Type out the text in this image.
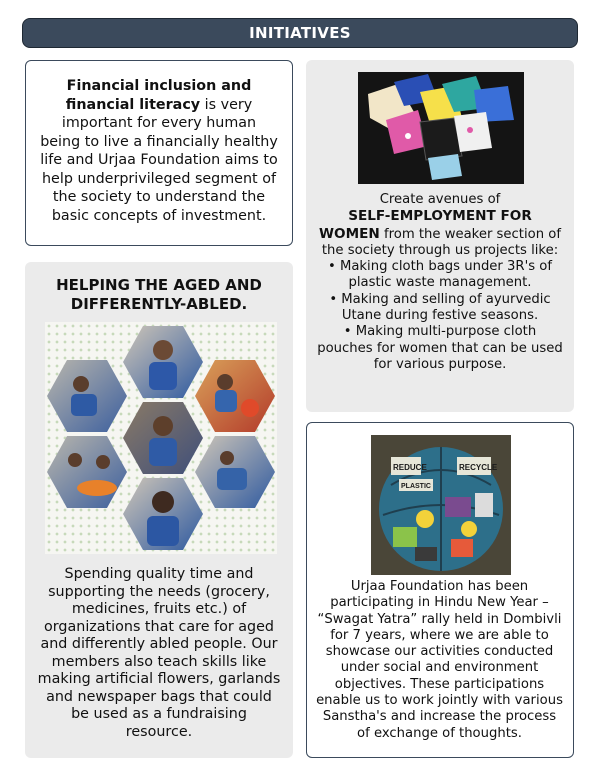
INITIATIVES

Financial inclusion and financial literacy is very important for every human being to live a financially healthy life and Urjaa Foundation aims to help underprivileged segment of the society to understand the basic concepts of investment.

HELPING THE AGED AND DIFFERENTLY-ABLED.
Spending quality time and supporting the needs (grocery, medicines, fruits etc.) of organizations that care for aged and differently abled people. Our members also teach skills like making artificial flowers, garlands and newspaper bags that could be used as a fundraising resource.
Create avenues of
SELF-EMPLOYMENT FOR WOMEN from the weaker section of the society through us projects like:
• Making cloth bags under 3R's of plastic waste management.
• Making and selling of ayurvedic Utane during festive seasons.
• Making multi-purpose cloth pouches for women that can be used for various purpose.
REDUCE	RECYCLE
PLASTIC
Urjaa Foundation has been participating in Hindu New Year – “Swagat Yatra” rally held in Dombivli for 7 years, where we are able to showcase our activities conducted under social and environment objectives. These participations enable us to work jointly with various Sanstha's and increase the process of exchange of thoughts.
